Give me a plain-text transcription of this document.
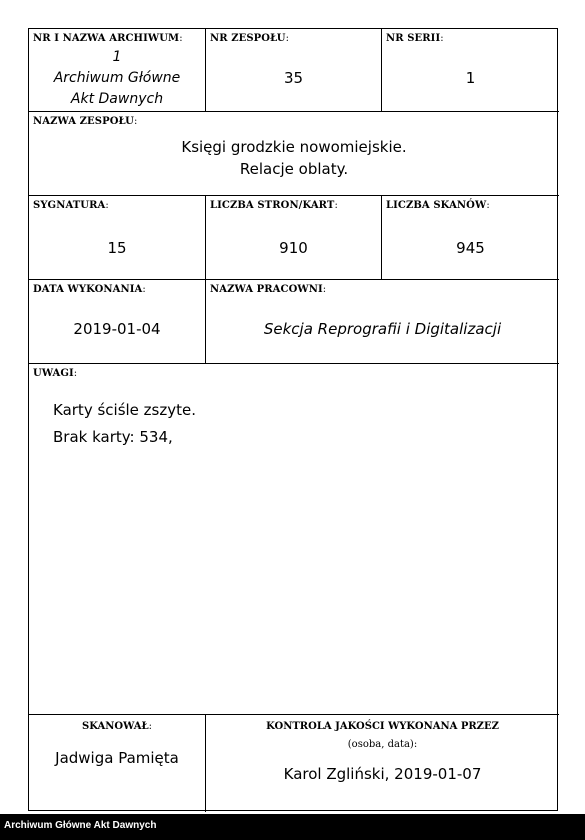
NR I NAZWA ARCHIWUM:
1
Archiwum Główne
Akt Dawnych
NR ZESPOŁU:
35
NR SERII:
1
NAZWA ZESPOŁU:
Księgi grodzkie nowomiejskie.
Relacje oblaty.
SYGNATURA:
15
LICZBA STRON/KART:
910
LICZBA SKANÓW:
945
DATA WYKONANIA:
2019-01-04
NAZWA PRACOWNI:
Sekcja Reprografii i Digitalizacji
UWAGI:
Karty ściśle zszyte.
Brak karty: 534,
SKANOWAŁ:
Jadwiga Pamięta
KONTROLA JAKOŚCI WYKONANA PRZEZ
(osoba, data):
Karol Zgliński, 2019-01-07
Archiwum Główne Akt Dawnych
